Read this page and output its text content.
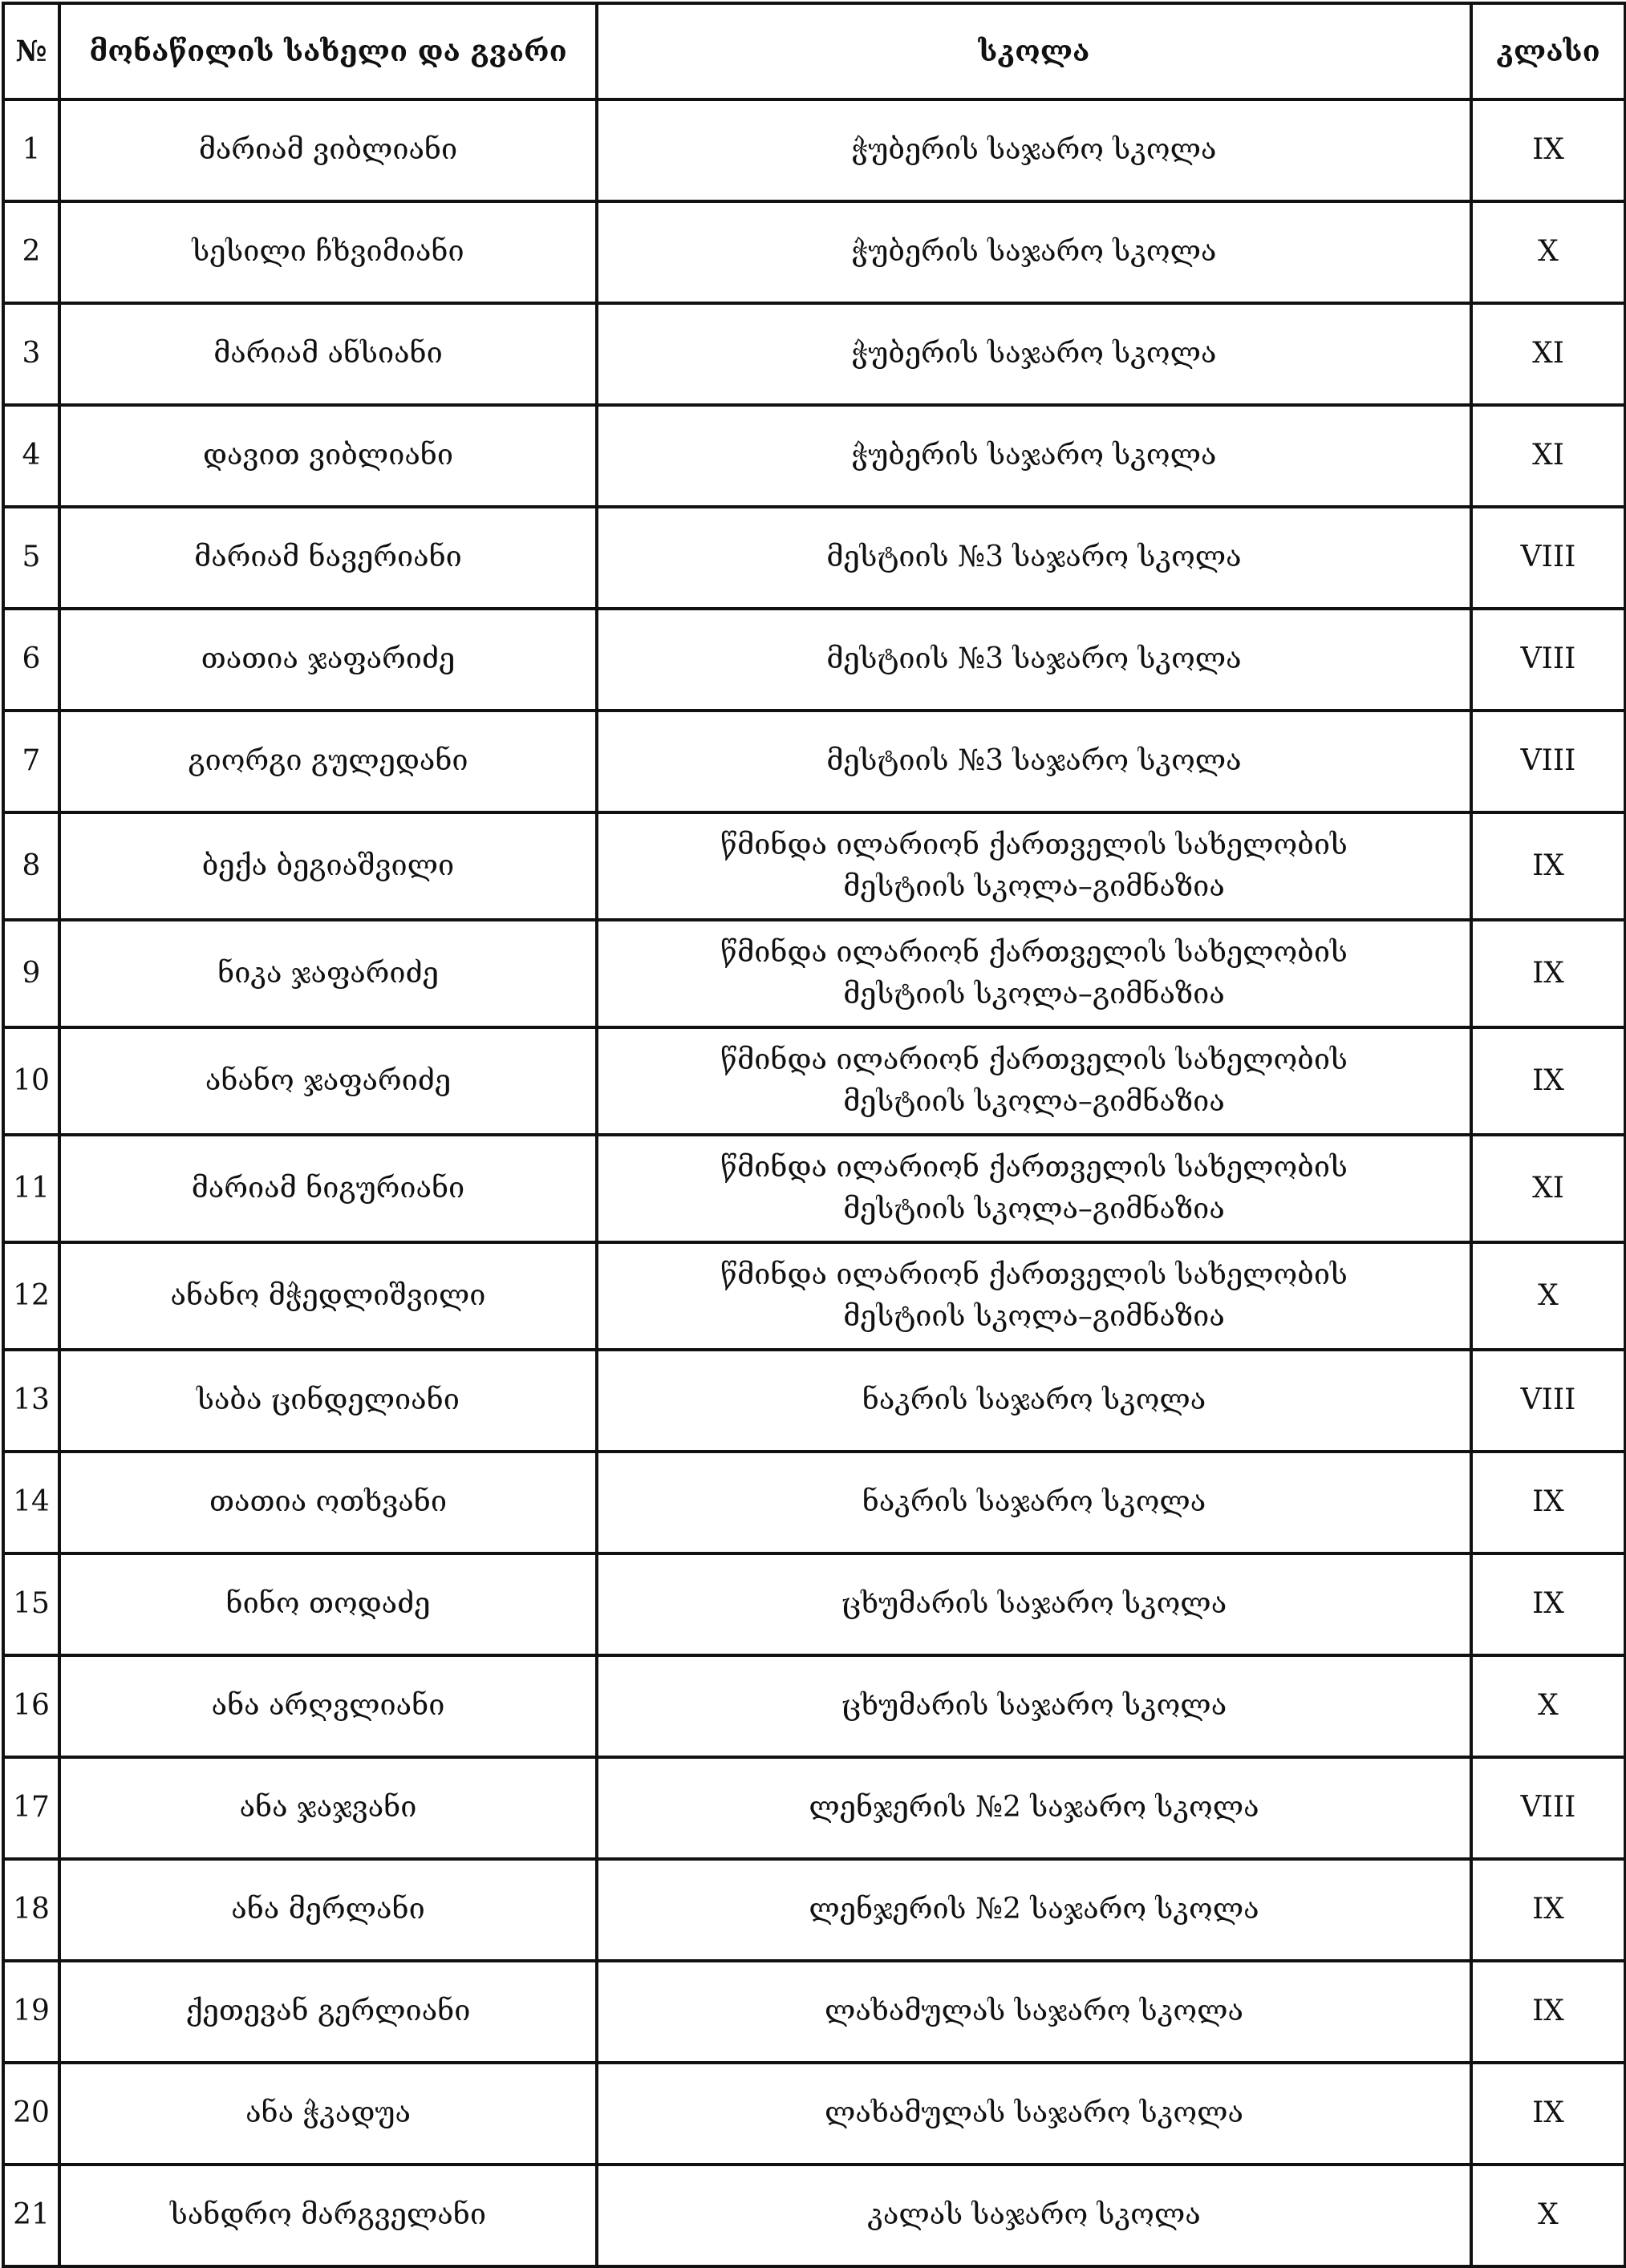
№	მონაწილის სახელი და გვარი	სკოლა	კლასი
1	მარიამ ვიბლიანი	ჭუბერის საჯარო სკოლა	IX
2	სესილი ჩხვიმიანი	ჭუბერის საჯარო სკოლა	X
3	მარიამ ანსიანი	ჭუბერის საჯარო სკოლა	XI
4	დავით ვიბლიანი	ჭუბერის საჯარო სკოლა	XI
5	მარიამ ნავერიანი	მესტიის №3 საჯარო სკოლა	VIII
6	თათია ჯაფარიძე	მესტიის №3 საჯარო სკოლა	VIII
7	გიორგი გულედანი	მესტიის №3 საჯარო სკოლა	VIII
8	ბექა ბეგიაშვილი	წმინდა ილარიონ ქართველის სახელობის
მესტიის სკოლა–გიმნაზია	IX
9	ნიკა ჯაფარიძე	წმინდა ილარიონ ქართველის სახელობის
მესტიის სკოლა–გიმნაზია	IX
10	ანანო ჯაფარიძე	წმინდა ილარიონ ქართველის სახელობის
მესტიის სკოლა–გიმნაზია	IX
11	მარიამ ნიგურიანი	წმინდა ილარიონ ქართველის სახელობის
მესტიის სკოლა–გიმნაზია	XI
12	ანანო მჭედლიშვილი	წმინდა ილარიონ ქართველის სახელობის
მესტიის სკოლა–გიმნაზია	X
13	საბა ცინდელიანი	ნაკრის საჯარო სკოლა	VIII
14	თათია ოთხვანი	ნაკრის საჯარო სკოლა	IX
15	ნინო თოდაძე	ცხუმარის საჯარო სკოლა	IX
16	ანა არღვლიანი	ცხუმარის საჯარო სკოლა	X
17	ანა ჯაჯვანი	ლენჯერის №2 საჯარო სკოლა	VIII
18	ანა მერლანი	ლენჯერის №2 საჯარო სკოლა	IX
19	ქეთევან გერლიანი	ლახამულას საჯარო სკოლა	IX
20	ანა ჭკადუა	ლახამულას საჯარო სკოლა	IX
21	სანდრო მარგველანი	კალას საჯარო სკოლა	X
